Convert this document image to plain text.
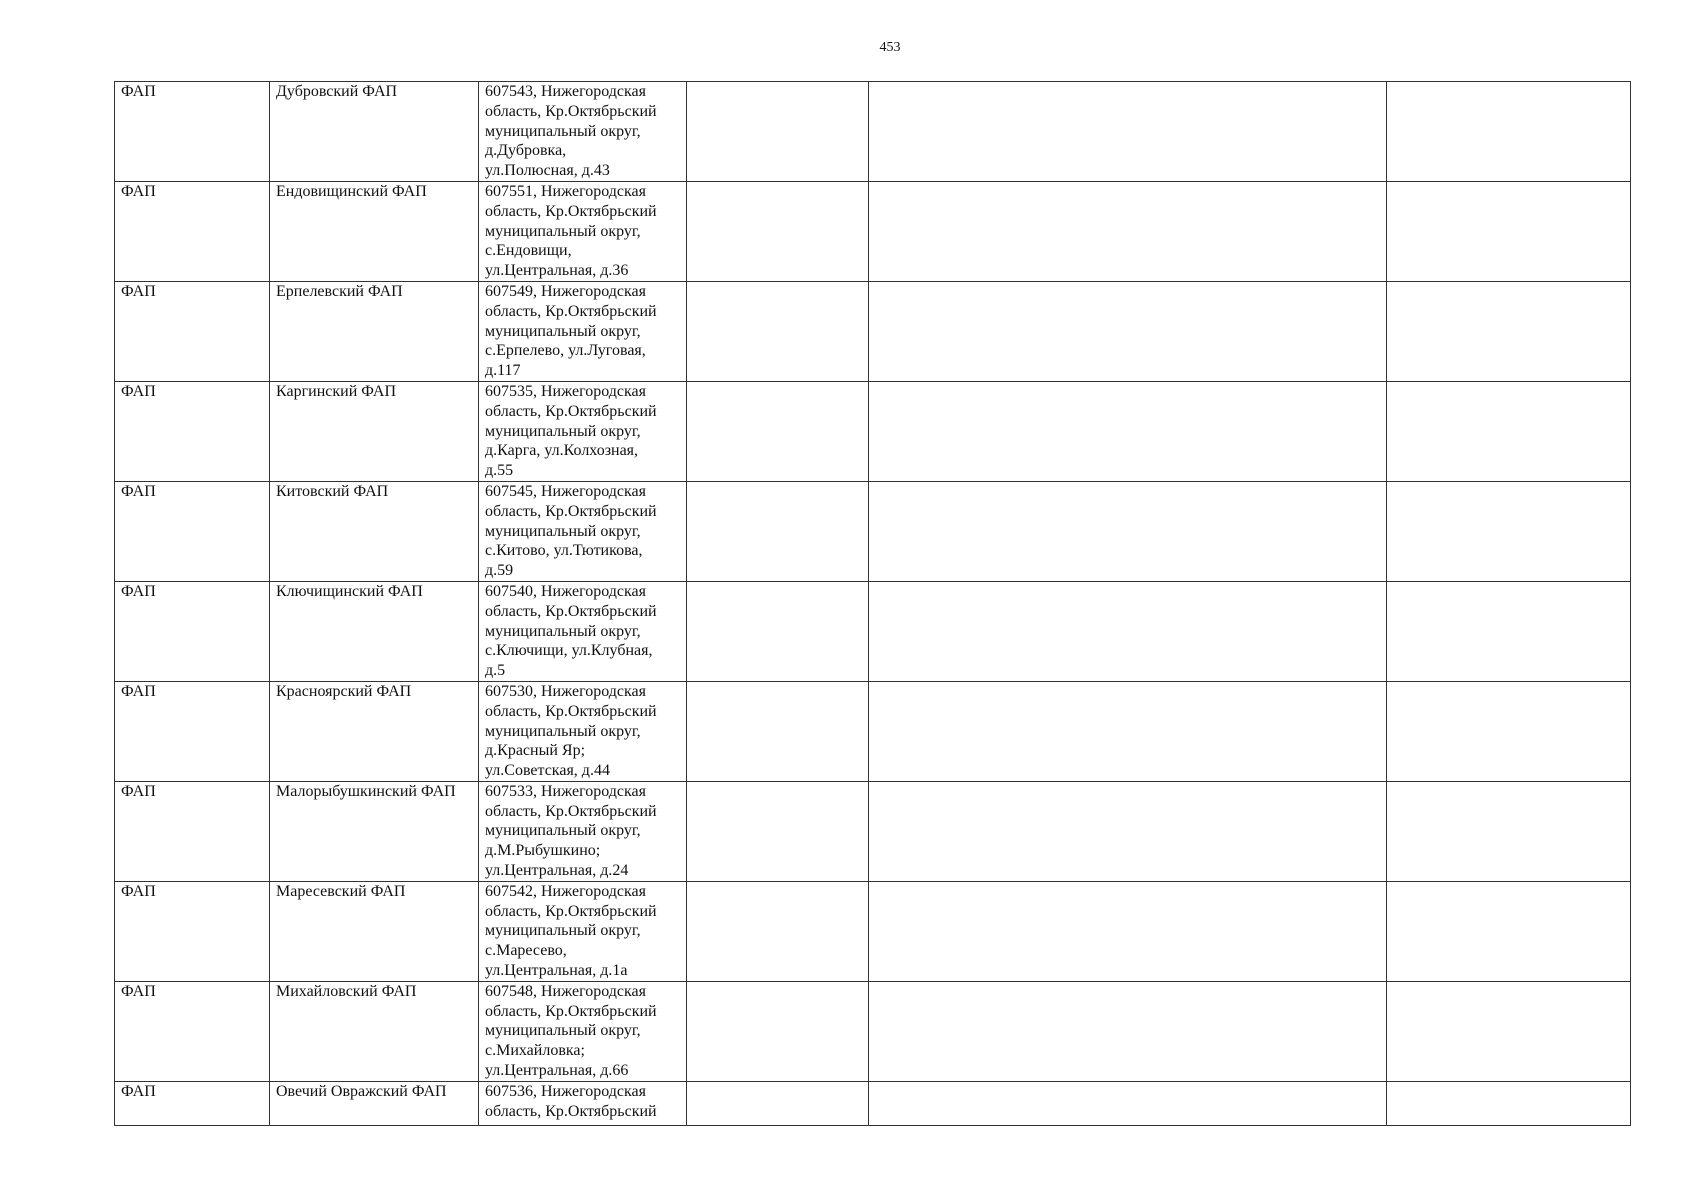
453
ФАП	Дубровский ФАП	607543, Нижегородская
область, Кр.Октябрьский
муниципальный округ,
д.Дубровка,
ул.Полюсная, д.43			

ФАП	Ендовищинский ФАП	607551, Нижегородская
область, Кр.Октябрьский
муниципальный округ,
с.Ендовищи,
ул.Центральная, д.36			

ФАП	Ерпелевский ФАП	607549, Нижегородская
область, Кр.Октябрьский
муниципальный округ,
с.Ерпелево, ул.Луговая,
д.117			

ФАП	Каргинский ФАП	607535, Нижегородская
область, Кр.Октябрьский
муниципальный округ,
д.Карга, ул.Колхозная,
д.55			

ФАП	Китовский ФАП	607545, Нижегородская
область, Кр.Октябрьский
муниципальный округ,
с.Китово, ул.Тютикова,
д.59			

ФАП	Ключищинский ФАП	607540, Нижегородская
область, Кр.Октябрьский
муниципальный округ,
с.Ключищи, ул.Клубная,
д.5			

ФАП	Красноярский ФАП	607530, Нижегородская
область, Кр.Октябрьский
муниципальный округ,
д.Красный Яр;
ул.Советская, д.44			

ФАП	Малорыбушкинский ФАП	607533, Нижегородская
область, Кр.Октябрьский
муниципальный округ,
д.М.Рыбушкино;
ул.Центральная, д.24			

ФАП	Маресевский ФАП	607542, Нижегородская
область, Кр.Октябрьский
муниципальный округ,
с.Маресево,
ул.Центральная, д.1а			

ФАП	Михайловский ФАП	607548, Нижегородская
область, Кр.Октябрьский
муниципальный округ,
с.Михайловка;
ул.Центральная, д.66			

ФАП	Овечий Овражский ФАП	607536, Нижегородская
область, Кр.Октябрьский			
